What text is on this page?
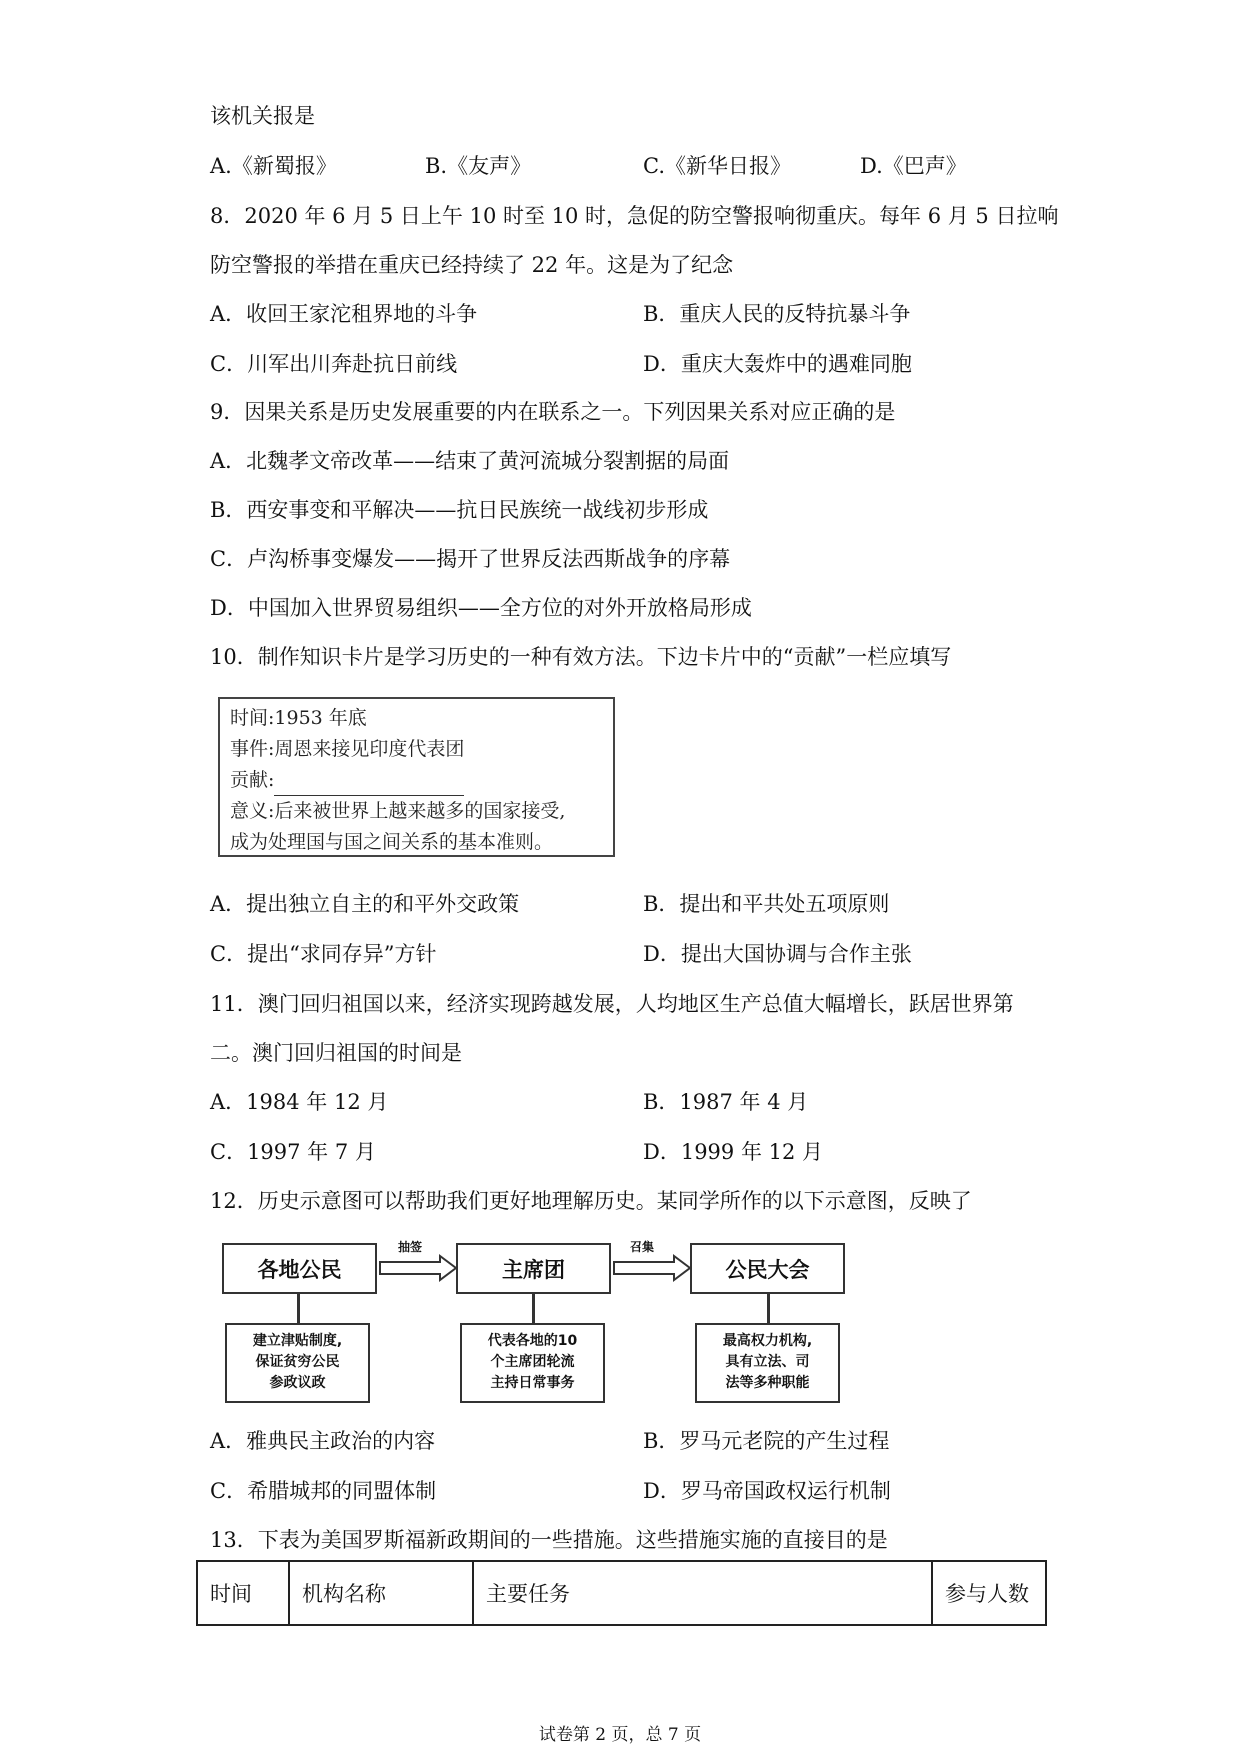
该机关报是
A.《新蜀报》	B.《友声》	C.《新华日报》	D.《巴声》
8．2020 年 6 月 5 日上午 10 时至 10 时，急促的防空警报响彻重庆。每年 6 月 5 日拉响
防空警报的举措在重庆已经持续了 22 年。这是为了纪念
A．收回王家沱租界地的斗争	B．重庆人民的反特抗暴斗争
C．川军出川奔赴抗日前线	D．重庆大轰炸中的遇难同胞
9．因果关系是历史发展重要的内在联系之一。下列因果关系对应正确的是
A．北魏孝文帝改革——结束了黄河流城分裂割据的局面
B．西安事变和平解决——抗日民族统一战线初步形成
C．卢沟桥事变爆发——揭开了世界反法西斯战争的序幕
D．中国加入世界贸易组织——全方位的对外开放格局形成
10．制作知识卡片是学习历史的一种有效方法。下边卡片中的“贡献”一栏应填写
时间:1953 年底
事件:周恩来接见印度代表团
贡献:
意义:后来被世界上越来越多的国家接受,
成为处理国与国之间关系的基本准则。
A．提出独立自主的和平外交政策	B．提出和平共处五项原则
C．提出“求同存异”方针	D．提出大国协调与合作主张
11．澳门回归祖国以来，经济实现跨越发展，人均地区生产总值大幅增长，跃居世界第
二。澳门回归祖国的时间是
A．1984 年 12 月	B．1987 年 4 月
C．1997 年 7 月	D．1999 年 12 月
12．历史示意图可以帮助我们更好地理解历史。某同学所作的以下示意图，反映了
各地公民	主席团	公民大会
抽签	召集
建立津贴制度,
保证贫穷公民
参政议政
代表各地的10
个主席团轮流
主持日常事务
最高权力机构,
具有立法、司
法等多种职能
A．雅典民主政治的内容	B．罗马元老院的产生过程
C．希腊城邦的同盟体制	D．罗马帝国政权运行机制
13．下表为美国罗斯福新政期间的一些措施。这些措施实施的直接目的是
时间	机构名称	主要任务	参与人数
试卷第 2 页，总 7 页
